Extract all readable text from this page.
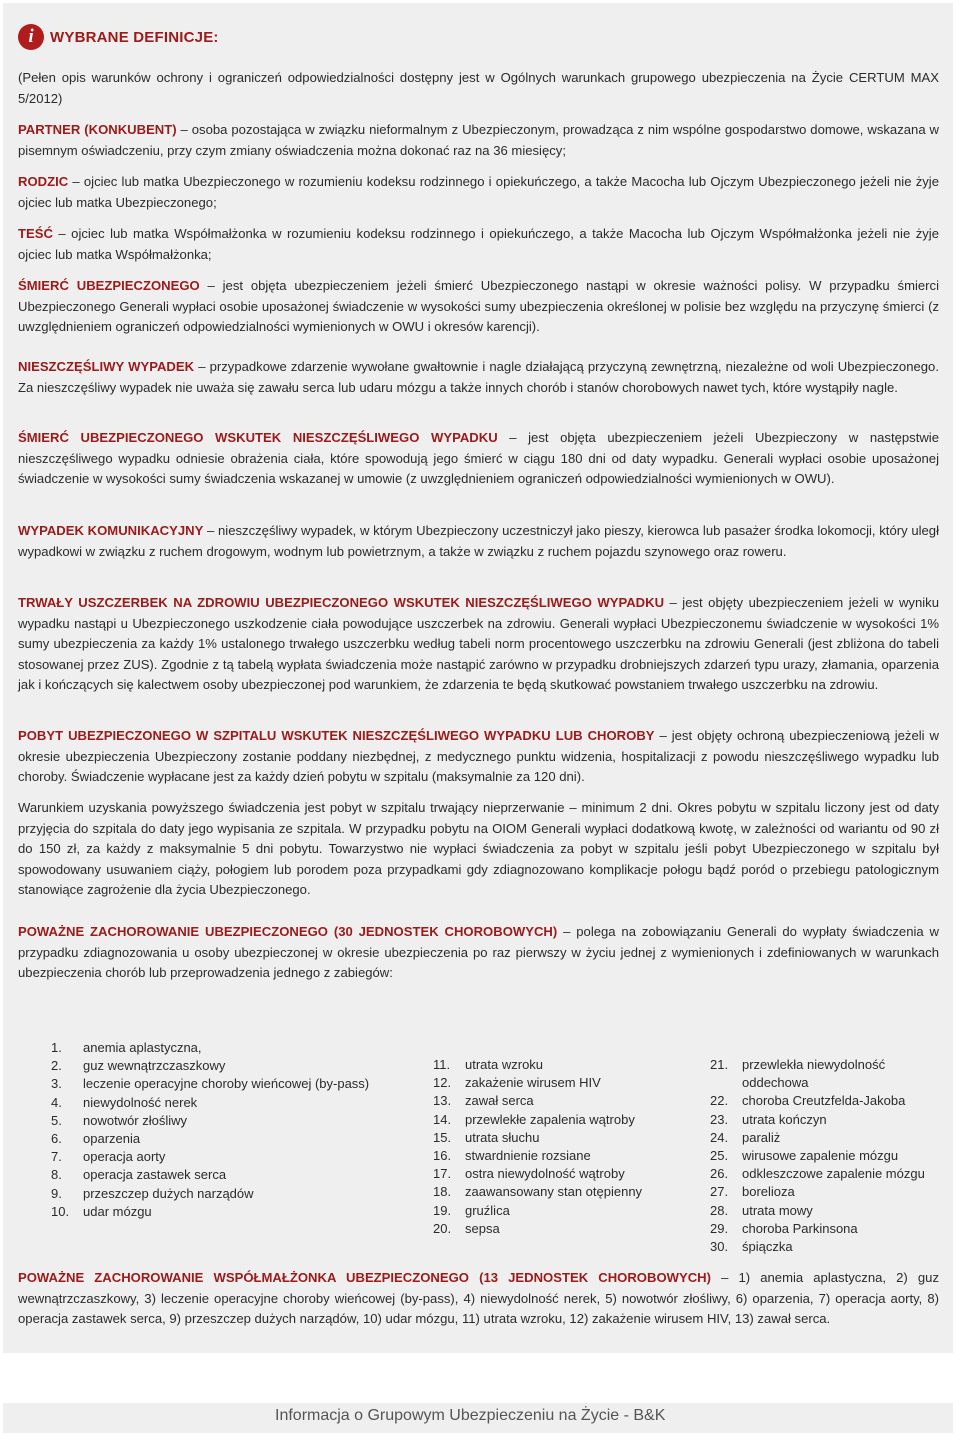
i	WYBRANE DEFINICJE:

(Pełen opis warunków ochrony i ograniczeń odpowiedzialności dostępny jest w Ogólnych warunkach grupowego ubezpieczenia na Życie CERTUM MAX 5/2012)

PARTNER (KONKUBENT) – osoba pozostająca w związku nieformalnym z Ubezpieczonym, prowadząca z nim wspólne gospodarstwo domowe, wskazana w pisemnym oświadczeniu, przy czym zmiany oświadczenia można dokonać raz na 36 miesięcy;

RODZIC – ojciec lub matka Ubezpieczonego w rozumieniu kodeksu rodzinnego i opiekuńczego, a także Macocha lub Ojczym Ubezpieczonego jeżeli nie żyje ojciec lub matka Ubezpieczonego;

TEŚĆ – ojciec lub matka Współmałżonka w rozumieniu kodeksu rodzinnego i opiekuńczego, a także Macocha lub Ojczym Współmałżonka jeżeli nie żyje ojciec lub matka Współmałżonka;

ŚMIERĆ UBEZPIECZONEGO – jest objęta ubezpieczeniem jeżeli śmierć Ubezpieczonego nastąpi w okresie ważności polisy. W przypadku śmierci Ubezpieczonego Generali wypłaci osobie uposażonej świadczenie w wysokości sumy ubezpieczenia określonej w polisie bez względu na przyczynę śmierci (z uwzględnieniem ograniczeń odpowiedzialności wymienionych w OWU i okresów karencji).

NIESZCZĘŚLIWY WYPADEK – przypadkowe zdarzenie wywołane gwałtownie i nagle działającą przyczyną zewnętrzną, niezależne od woli Ubezpieczonego. Za nieszczęśliwy wypadek nie uważa się zawału serca lub udaru mózgu a także innych chorób i stanów chorobowych nawet tych, które wystąpiły nagle.

ŚMIERĆ UBEZPIECZONEGO WSKUTEK NIESZCZĘŚLIWEGO WYPADKU – jest objęta ubezpieczeniem jeżeli Ubezpieczony w następstwie nieszczęśliwego wypadku odniesie obrażenia ciała, które spowodują jego śmierć w ciągu 180 dni od daty wypadku. Generali wypłaci osobie uposażonej świadczenie w wysokości sumy świadczenia wskazanej w umowie (z uwzględnieniem ograniczeń odpowiedzialności wymienionych w OWU).

WYPADEK KOMUNIKACYJNY – nieszczęśliwy wypadek, w którym Ubezpieczony uczestniczył jako pieszy, kierowca lub pasażer środka lokomocji, który uległ wypadkowi w związku z ruchem drogowym, wodnym lub powietrznym, a także w związku z ruchem pojazdu szynowego oraz roweru.

TRWAŁY USZCZERBEK NA ZDROWIU UBEZPIECZONEGO WSKUTEK NIESZCZĘŚLIWEGO WYPADKU – jest objęty ubezpieczeniem jeżeli w wyniku wypadku nastąpi u Ubezpieczonego uszkodzenie ciała powodujące uszczerbek na zdrowiu. Generali wypłaci Ubezpieczonemu świadczenie w wysokości 1% sumy ubezpieczenia za każdy 1% ustalonego trwałego uszczerbku według tabeli norm procentowego uszczerbku na zdrowiu Generali (jest zbliżona do tabeli stosowanej przez ZUS). Zgodnie z tą tabelą wypłata świadczenia może nastąpić zarówno w przypadku drobniejszych zdarzeń typu urazy, złamania, oparzenia jak i kończących się kalectwem osoby ubezpieczonej pod warunkiem, że zdarzenia te będą skutkować powstaniem trwałego uszczerbku na zdrowiu.

POBYT UBEZPIECZONEGO W SZPITALU WSKUTEK NIESZCZĘŚLIWEGO WYPADKU LUB CHOROBY – jest objęty ochroną ubezpieczeniową jeżeli w okresie ubezpieczenia Ubezpieczony zostanie poddany niezbędnej, z medycznego punktu widzenia, hospitalizacji z powodu nieszczęśliwego wypadku lub choroby. Świadczenie wypłacane jest za każdy dzień pobytu w szpitalu (maksymalnie za 120 dni).

Warunkiem uzyskania powyższego świadczenia jest pobyt w szpitalu trwający nieprzerwanie – minimum 2 dni. Okres pobytu w szpitalu liczony jest od daty przyjęcia do szpitala do daty jego wypisania ze szpitala. W przypadku pobytu na OIOM Generali wypłaci dodatkową kwotę, w zależności od wariantu od 90 zł do 150 zł, za każdy z maksymalnie 5 dni pobytu. Towarzystwo nie wypłaci świadczenia za pobyt w szpitalu jeśli pobyt Ubezpieczonego w szpitalu był spowodowany usuwaniem ciąży, połogiem lub porodem poza przypadkami gdy zdiagnozowano komplikacje połogu bądź poród o przebiegu patologicznym stanowiące zagrożenie dla życia Ubezpieczonego.

POWAŻNE ZACHOROWANIE UBEZPIECZONEGO (30 JEDNOSTEK CHOROBOWYCH) – polega na zobowiązaniu Generali do wypłaty świadczenia w przypadku zdiagnozowania u osoby ubezpieczonej w okresie ubezpieczenia po raz pierwszy w życiu jednej z wymienionych i zdefiniowanych w warunkach ubezpieczenia chorób lub przeprowadzenia jednego z zabiegów:

1.	anemia aplastyczna,
2.	guz wewnątrzczaszkowy
3.	leczenie operacyjne choroby wieńcowej (by-pass)
4.	niewydolność nerek
5.	nowotwór złośliwy
6.	oparzenia
7.	operacja aorty
8.	operacja zastawek serca
9.	przeszczep dużych narządów
10.	udar mózgu
11.	utrata wzroku
12.	zakażenie wirusem HIV
13.	zawał serca
14.	przewlekłe zapalenia wątroby
15.	utrata słuchu
16.	stwardnienie rozsiane
17.	ostra niewydolność wątroby
18.	zaawansowany stan otępienny
19.	gruźlica
20.	sepsa
21.	przewlekła niewydolność oddechowa
22.	choroba Creutzfelda-Jakoba
23.	utrata kończyn
24.	paraliż
25.	wirusowe zapalenie mózgu
26.	odkleszczowe zapalenie mózgu
27.	borelioza
28.	utrata mowy
29.	choroba Parkinsona
30.	śpiączka

POWAŻNE ZACHOROWANIE WSPÓŁMAŁŻONKA UBEZPIECZONEGO (13 JEDNOSTEK CHOROBOWYCH) – 1) anemia aplastyczna, 2) guz wewnątrzczaszkowy, 3) leczenie operacyjne choroby wieńcowej (by-pass), 4) niewydolność nerek, 5) nowotwór złośliwy, 6) oparzenia, 7) operacja aorty, 8) operacja zastawek serca, 9) przeszczep dużych narządów, 10) udar mózgu, 11) utrata wzroku, 12) zakażenie wirusem HIV, 13) zawał serca.

Informacja o Grupowym Ubezpieczeniu na Życie - B&K
